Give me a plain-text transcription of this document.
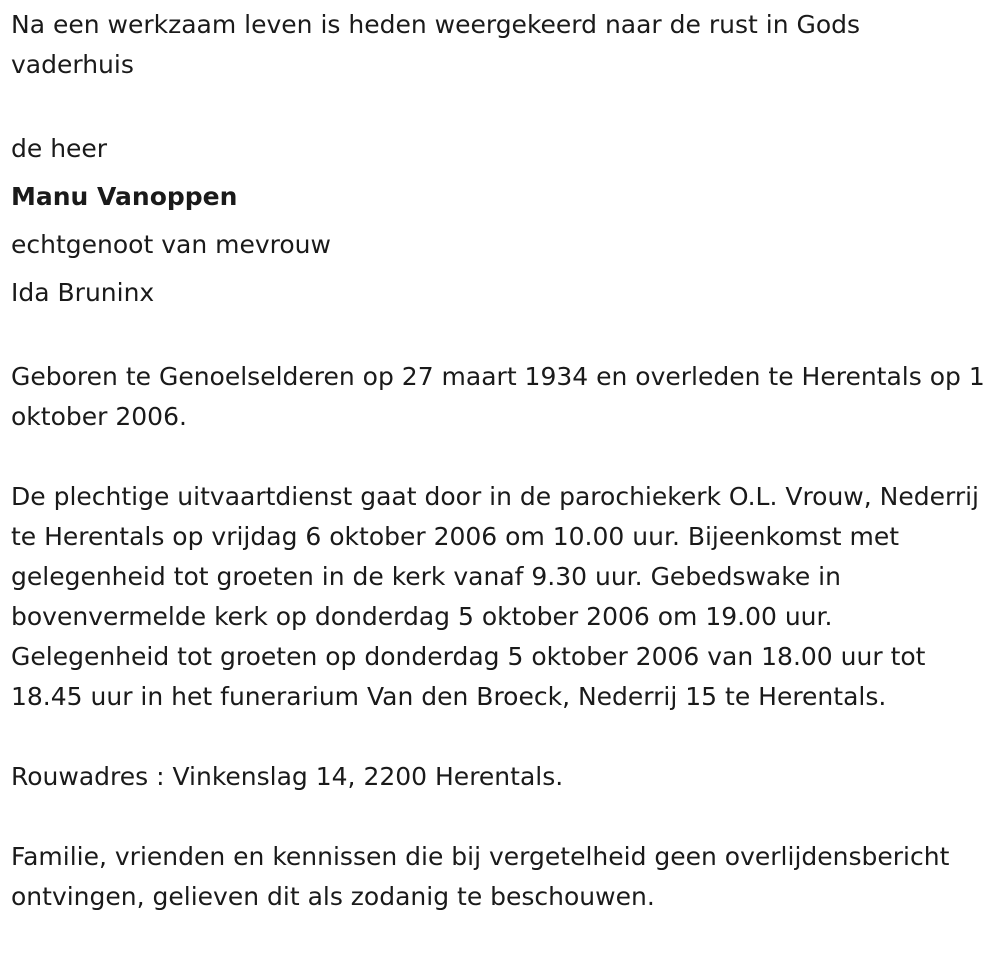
Na een werkzaam leven is heden weergekeerd naar de rust in Gods vaderhuis

de heer

Manu Vanoppen

echtgenoot van mevrouw

Ida Bruninx

Geboren te Genoelselderen op 27 maart 1934 en overleden te Herentals op 1 oktober 2006.

De plechtige uitvaartdienst gaat door in de parochiekerk O.L. Vrouw, Nederrij te Herentals op vrijdag 6 oktober 2006 om 10.00 uur. Bijeenkomst met gelegenheid tot groeten in de kerk vanaf 9.30 uur. Gebedswake in bovenvermelde kerk op donderdag 5 oktober 2006 om 19.00 uur. Gelegenheid tot groeten op donderdag 5 oktober 2006 van 18.00 uur tot 18.45 uur in het funerarium Van den Broeck, Nederrij 15 te Herentals.

Rouwadres : Vinkenslag 14, 2200 Herentals.

Familie, vrienden en kennissen die bij vergetelheid geen overlijdensbericht ontvingen, gelieven dit als zodanig te beschouwen.
